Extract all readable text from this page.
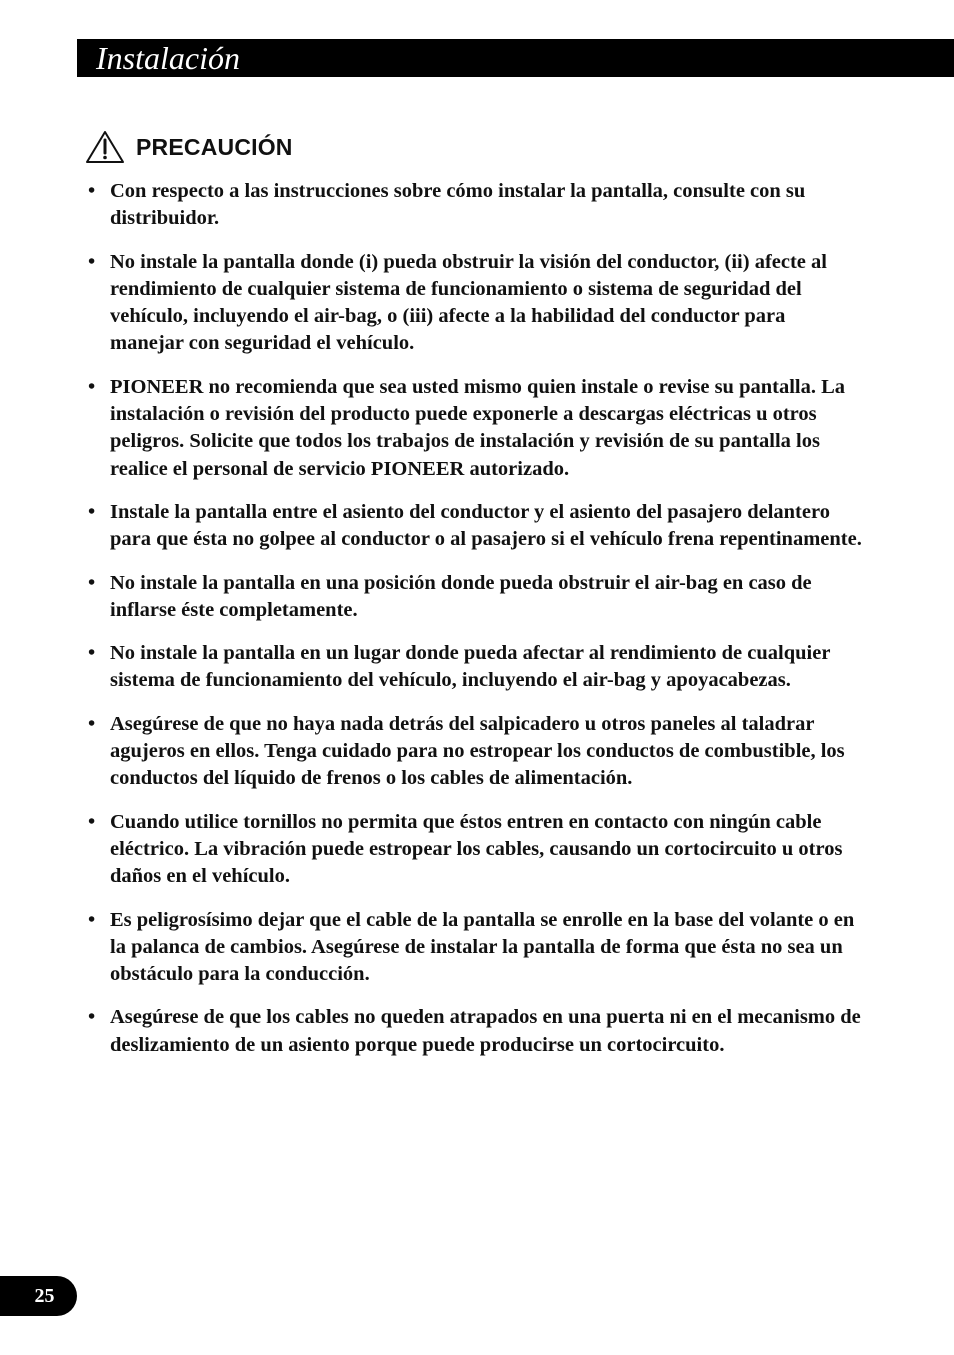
Instalación
PRECAUCIÓN
• Con respecto a las instrucciones sobre cómo instalar la pantalla, consulte con su distribuidor.
• No instale la pantalla donde (i) pueda obstruir la visión del conductor, (ii) afecte al rendimiento de cualquier sistema de funcionamiento o sistema de seguridad del vehículo, incluyendo el air-bag, o (iii) afecte a la habilidad del conductor para manejar con seguridad el vehículo.
• PIONEER no recomienda que sea usted mismo quien instale o revise su pantalla. La instalación o revisión del producto puede exponerle a descargas eléctricas u otros peligros. Solicite que todos los trabajos de instalación y revisión de su pantalla los realice el personal de servicio PIONEER autorizado.
• Instale la pantalla entre el asiento del conductor y el asiento del pasajero delantero para que ésta no golpee al conductor o al pasajero si el vehículo frena repentinamente.
• No instale la pantalla en una posición donde pueda obstruir el air-bag en caso de inflarse éste completamente.
• No instale la pantalla en un lugar donde pueda afectar al rendimiento de cualquier sistema de funcionamiento del vehículo, incluyendo el air-bag y apoyacabezas.
• Asegúrese de que no haya nada detrás del salpicadero u otros paneles al taladrar agujeros en ellos. Tenga cuidado para no estropear los conductos de combustible, los conductos del líquido de frenos o los cables de alimentación.
• Cuando utilice tornillos no permita que éstos entren en contacto con ningún cable eléctrico. La vibración puede estropear los cables, causando un cortocircuito u otros daños en el vehículo.
• Es peligrosísimo dejar que el cable de la pantalla se enrolle en la base del volante o en la palanca de cambios. Asegúrese de instalar la pantalla de forma que ésta no sea un obstáculo para la conducción.
• Asegúrese de que los cables no queden atrapados en una puerta ni en el mecanismo de deslizamiento de un asiento porque puede producirse un cortocircuito.
25
